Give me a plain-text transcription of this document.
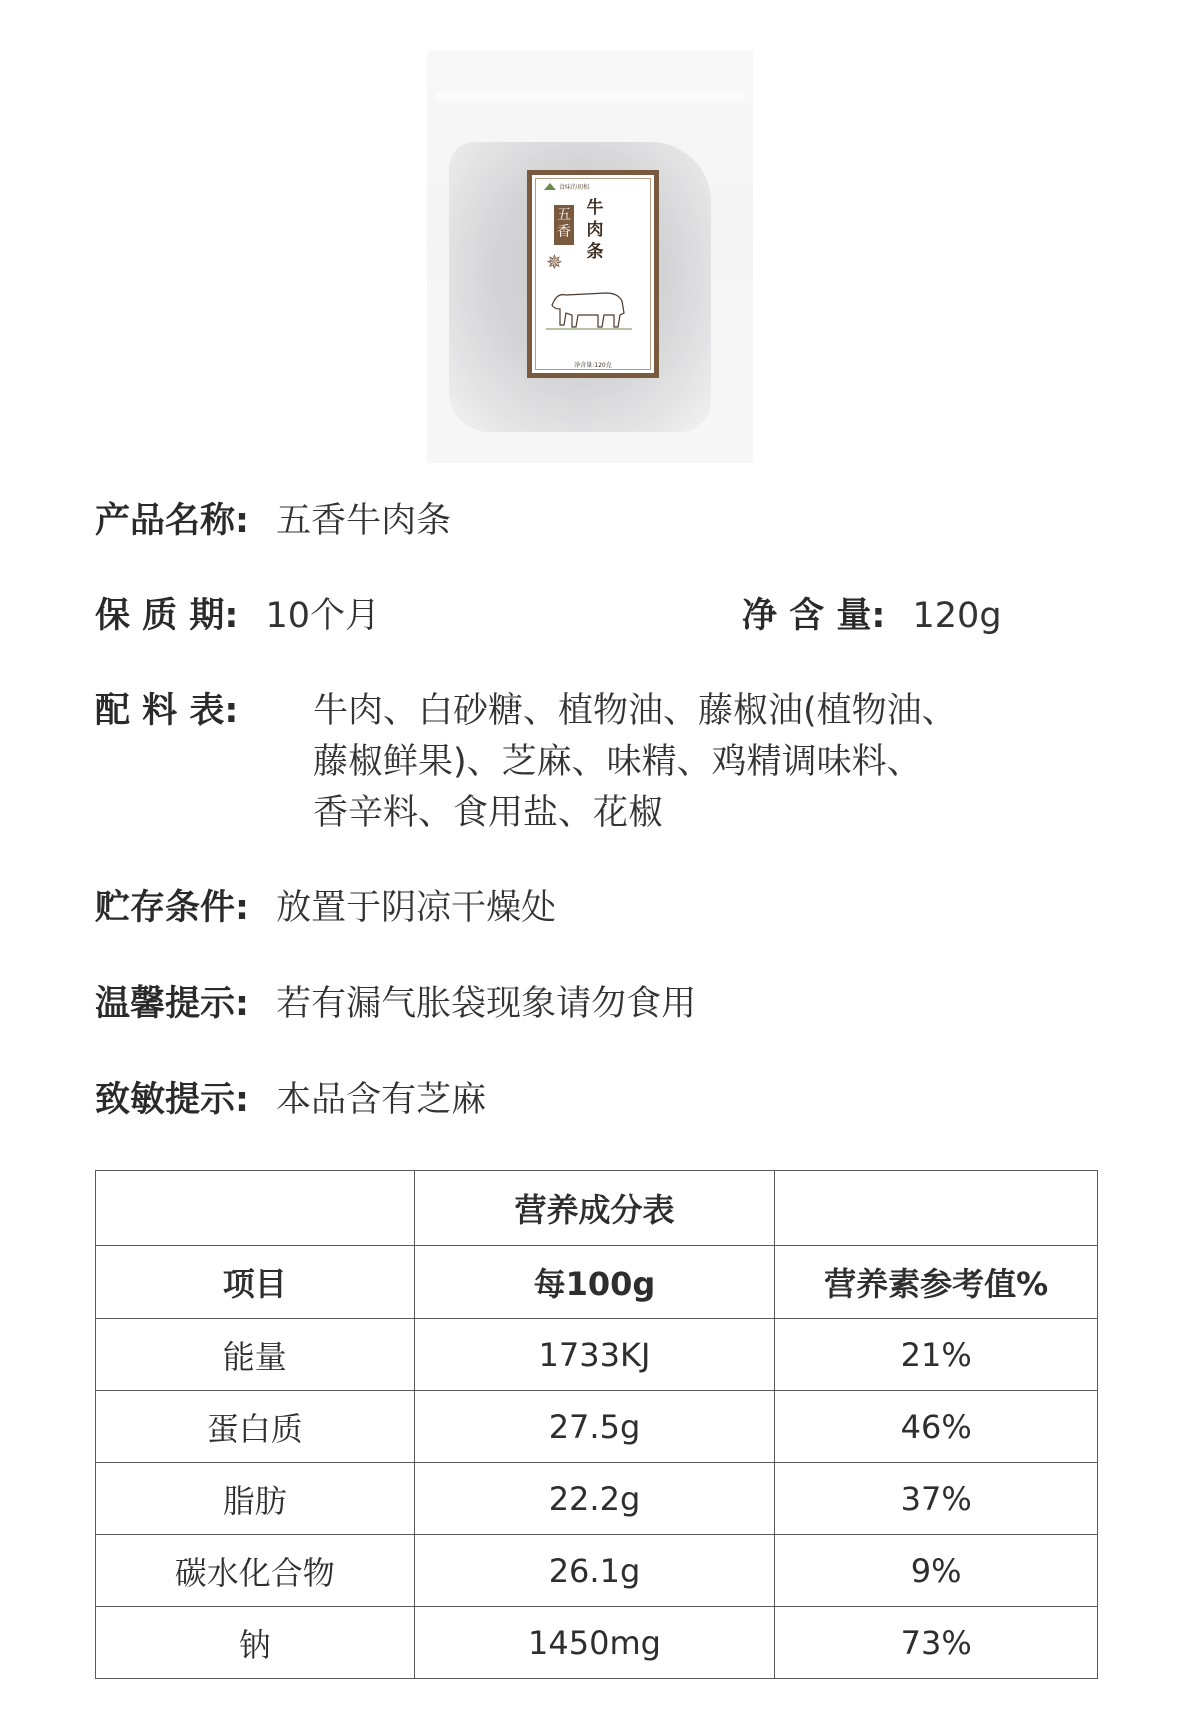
食味的初相
五香
牛
肉
条
✵
净含量:120克
产品名称: 五香牛肉条
保 质 期: 10个月	净 含 量: 120g
配 料 表: 牛肉、白砂糖、植物油、藤椒油(植物油、
藤椒鲜果)、芝麻、味精、鸡精调味料、
香辛料、食用盐、花椒
贮存条件: 放置于阴凉干燥处
温馨提示: 若有漏气胀袋现象请勿食用
致敏提示: 本品含有芝麻
	营养成分表	
项目	每100g	营养素参考值%
能量	1733KJ	21%
蛋白质	27.5g	46%
脂肪	22.2g	37%
碳水化合物	26.1g	9%
钠	1450mg	73%
